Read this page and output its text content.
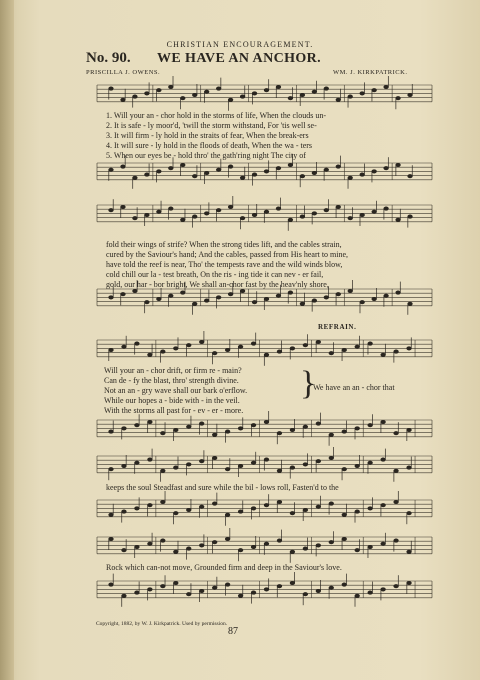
CHRISTIAN ENCOURAGEMENT.
No. 90. WE HAVE AN ANCHOR.
PRISCILLA J. OWENS.	WM. J. KIRKPATRICK.
1. Will your an - chor hold in the storms of life, When the clouds un-
2. It is safe - ly moor'd, 'twill the storm withstand, For 'tis well se-
3. It will firm - ly hold in the straits of fear, When the break-ers
4. It will sure - ly hold in the floods of death, When the wa - ters
5. When our eyes be - hold thro' the gath'ring night The city of
fold their wings of strife? When the strong tides lift, and the cables strain,
cured by the Saviour's hand; And the cables, passed from His heart to mine,
have told the reef is near, Tho' the tempests rave and the wild winds blow,
cold chill our la - test breath, On the ris - ing tide it can nev - er fail,
gold, our har - bor bright, We shall an-chor fast by the heav'nly shore,
REFRAIN.
Will your an - chor drift, or firm re - main?
Can de - fy the blast, thro' strength divine.
Not an an - gry wave shall our bark o'erflow.
While our hopes a - bide with - in the veil.
With the storms all past for - ev - er - more.
}
We have an an - chor that
keeps the soul Steadfast and sure while the bil - lows roll, Fasten'd to the
Rock which can-not move, Grounded firm and deep in the Saviour's love.
Copyright, 1882, by W. J. Kirkpatrick. Used by permission.
87
